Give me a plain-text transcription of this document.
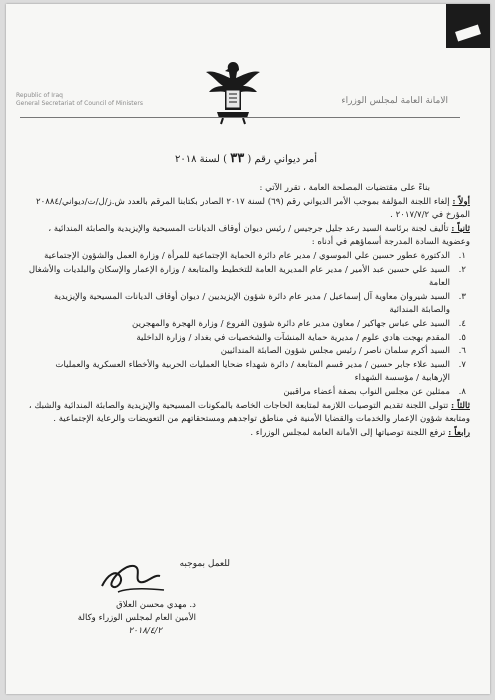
Republic of Iraq
General Secretariat of Council of Ministers	الأمانة العامة لمجلس الوزراء
أمر ديواني رقم ( ٣٣ ) لسنة ٢٠١٨

بناءً على مقتضيات المصلحة العامة ، تقرر الآتي :

أولاً : إلغاء اللجنة المؤلفة بموجب الأمر الديواني رقم (٦٩) لسنة ٢٠١٧ الصادر بكتابنا المرقم بالعدد ش.ز/ل/ت/ديواني/٢٠٨٨٤ المؤرخ في ٢٠١٧/٧/٢ .

ثانياً : تأليف لجنة برئاسة السيد رعد جليل جرجيس / رئيس ديوان أوقاف الديانات المسيحية والإيزيدية والصابئة المندائية ، وعضوية السادة المدرجة أسماؤهم في أدناه :

١.
الدكتورة عطور حسين علي الموسوي / مدير عام دائرة الحماية الإجتماعية للمرأة / وزارة العمل والشؤون الإجتماعية
٢.
السيد علي حسين عبد الأمير / مدير عام المديرية العامة للتخطيط والمتابعة / وزارة الإعمار والإسكان والبلديات والأشغال العامة
٣.
السيد شيروان معاوية آل إسماعيل / مدير عام دائرة شؤون الإيزيديين / ديوان أوقاف الديانات المسيحية والإيزيدية والصابئة المندائية
٤.
السيد علي عباس جهاكير / معاون مدير عام دائرة شؤون الفروع / وزارة الهجرة والمهجرين
٥.
المقدم بهجت هادي علوم / مديرية حماية المنشآت والشخصيات في بغداد / وزارة الداخلية
٦.
السيد أكرم سلمان ناصر / رئيس مجلس شؤون الصابئة المندائيين
٧.
السيد علاء جابر حسين / مدير قسم المتابعة / دائرة شهداء ضحايا العمليات الحربية والأخطاء العسكرية والعمليات الإرهابية / مؤسسة الشهداء
٨.
ممثلين عن مجلس النواب بصفة أعضاء مراقبين

ثالثاً : تتولى اللجنة تقديم التوصيات اللازمة لمتابعة الحاجات الخاصة بالمكونات المسيحية والإيزيدية والصابئة المندائية والشبك ، ومتابعة شؤون الإعمار والخدمات والقضايا الأمنية في مناطق تواجدهم ومستحقاتهم من التعويضات والرعاية الإجتماعية .

رابعاً : ترفع اللجنة توصياتها إلى الأمانة العامة لمجلس الوزراء .

للعمل بموجبه
د. مهدي محسن العلاق
الأمين العام لمجلس الوزراء وكالة
٢٠١٨/٤/٢
